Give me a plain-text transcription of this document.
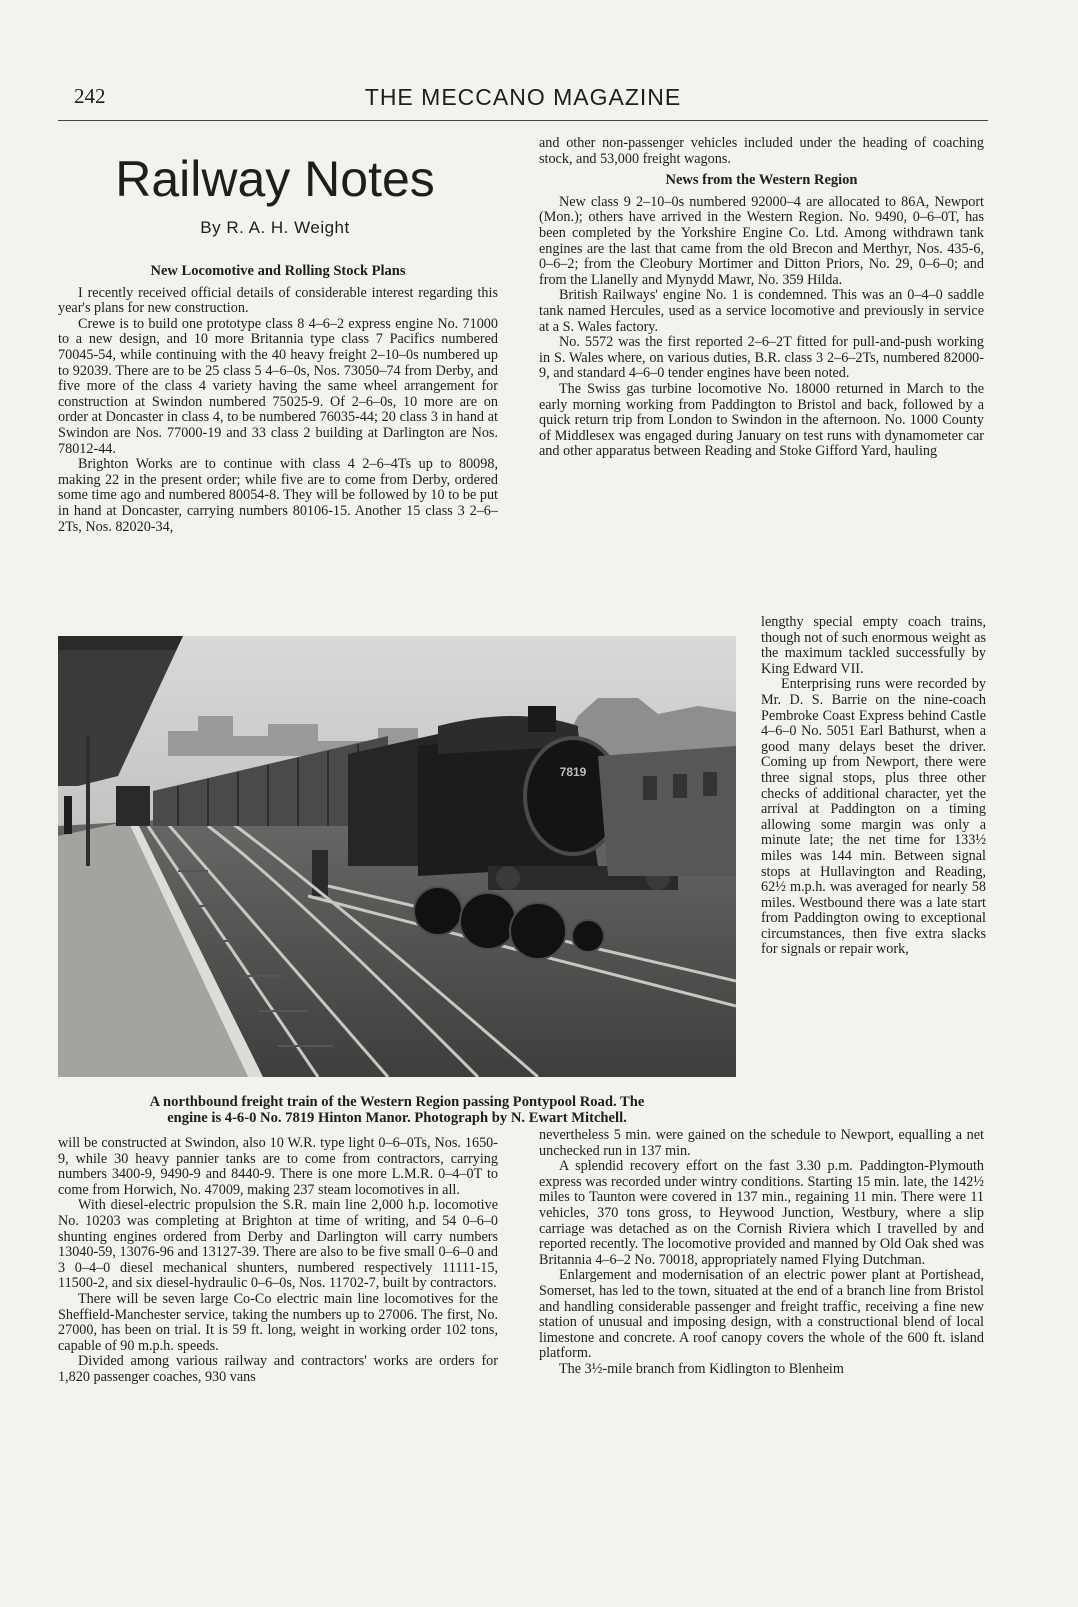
242	THE MECCANO MAGAZINE
Railway Notes
By R. A. H. Weight
New Locomotive and Rolling Stock Plans

I recently received official details of considerable interest regarding this year's plans for new construction.

Crewe is to build one prototype class 8 4–6–2 express engine No. 71000 to a new design, and 10 more Britannia type class 7 Pacifics numbered 70045-54, while continuing with the 40 heavy freight 2–10–0s numbered up to 92039. There are to be 25 class 5 4–6–0s, Nos. 73050–74 from Derby, and five more of the class 4 variety having the same wheel arrangement for construction at Swindon numbered 75025-9. Of 2–6–0s, 10 more are on order at Doncaster in class 4, to be numbered 76035-44; 20 class 3 in hand at Swindon are Nos. 77000-19 and 33 class 2 building at Darlington are Nos. 78012-44.

Brighton Works are to continue with class 4 2–6–4Ts up to 80098, making 22 in the present order; while five are to come from Derby, ordered some time ago and numbered 80054-8. They will be followed by 10 to be put in hand at Doncaster, carrying numbers 80106-15. Another 15 class 3 2–6–2Ts, Nos. 82020-34,

and other non-passenger vehicles included under the heading of coaching stock, and 53,000 freight wagons.

News from the Western Region

New class 9 2–10–0s numbered 92000–4 are allocated to 86A, Newport (Mon.); others have arrived in the Western Region. No. 9490, 0–6–0T, has been completed by the Yorkshire Engine Co. Ltd. Among withdrawn tank engines are the last that came from the old Brecon and Merthyr, Nos. 435-6, 0–6–2; from the Cleobury Mortimer and Ditton Priors, No. 29, 0–6–0; and from the Llanelly and Mynydd Mawr, No. 359 Hilda.

British Railways' engine No. 1 is condemned. This was an 0–4–0 saddle tank named Hercules, used as a service locomotive and previously in service at a S. Wales factory.

No. 5572 was the first reported 2–6–2T fitted for pull-and-push working in S. Wales where, on various duties, B.R. class 3 2–6–2Ts, numbered 82000-9, and standard 4–6–0 tender engines have been noted.

The Swiss gas turbine locomotive No. 18000 returned in March to the early morning working from Paddington to Bristol and back, followed by a quick return trip from London to Swindon in the afternoon. No. 1000 County of Middlesex was engaged during January on test runs with dynamometer car and other apparatus between Reading and Stoke Gifford Yard, hauling

lengthy special empty coach trains, though not of such enormous weight as the maximum tackled successfully by King Edward VII.

Enterprising runs were recorded by Mr. D. S. Barrie on the nine-coach Pembroke Coast Express behind Castle 4–6–0 No. 5051 Earl Bathurst, when a good many delays beset the driver. Coming up from Newport, there were three signal stops, plus three other checks of additional character, yet the arrival at Paddington on a timing allowing some margin was only a minute late; the net time for 133½ miles was 144 min. Between signal stops at Hullavington and Reading, 62½ m.p.h. was averaged for nearly 58 miles. Westbound there was a late start from Paddington owing to exceptional circumstances, then five extra slacks for signals or repair work,

7819
A northbound freight train of the Western Region passing Pontypool Road. The
engine is 4-6-0 No. 7819 Hinton Manor. Photograph by N. Ewart Mitchell.

will be constructed at Swindon, also 10 W.R. type light 0–6–0Ts, Nos. 1650-9, while 30 heavy pannier tanks are to come from contractors, carrying numbers 3400-9, 9490-9 and 8440-9. There is one more L.M.R. 0–4–0T to come from Horwich, No. 47009, making 237 steam locomotives in all.

With diesel-electric propulsion the S.R. main line 2,000 h.p. locomotive No. 10203 was completing at Brighton at time of writing, and 54 0–6–0 shunting engines ordered from Derby and Darlington will carry numbers 13040-59, 13076-96 and 13127-39. There are also to be five small 0–6–0 and 3 0–4–0 diesel mechanical shunters, numbered respectively 11111-15, 11500-2, and six diesel-hydraulic 0–6–0s, Nos. 11702-7, built by contractors.

There will be seven large Co-Co electric main line locomotives for the Sheffield-Manchester service, taking the numbers up to 27006. The first, No. 27000, has been on trial. It is 59 ft. long, weight in working order 102 tons, capable of 90 m.p.h. speeds.

Divided among various railway and contractors' works are orders for 1,820 passenger coaches, 930 vans

nevertheless 5 min. were gained on the schedule to Newport, equalling a net unchecked run in 137 min.

A splendid recovery effort on the fast 3.30 p.m. Paddington-Plymouth express was recorded under wintry conditions. Starting 15 min. late, the 142½ miles to Taunton were covered in 137 min., regaining 11 min. There were 11 vehicles, 370 tons gross, to Heywood Junction, Westbury, where a slip carriage was detached as on the Cornish Riviera which I travelled by and reported recently. The locomotive provided and manned by Old Oak shed was Britannia 4–6–2 No. 70018, appropriately named Flying Dutchman.

Enlargement and modernisation of an electric power plant at Portishead, Somerset, has led to the town, situated at the end of a branch line from Bristol and handling considerable passenger and freight traffic, receiving a fine new station of unusual and imposing design, with a constructional blend of local limestone and concrete. A roof canopy covers the whole of the 600 ft. island platform.

The 3½-mile branch from Kidlington to Blenheim
